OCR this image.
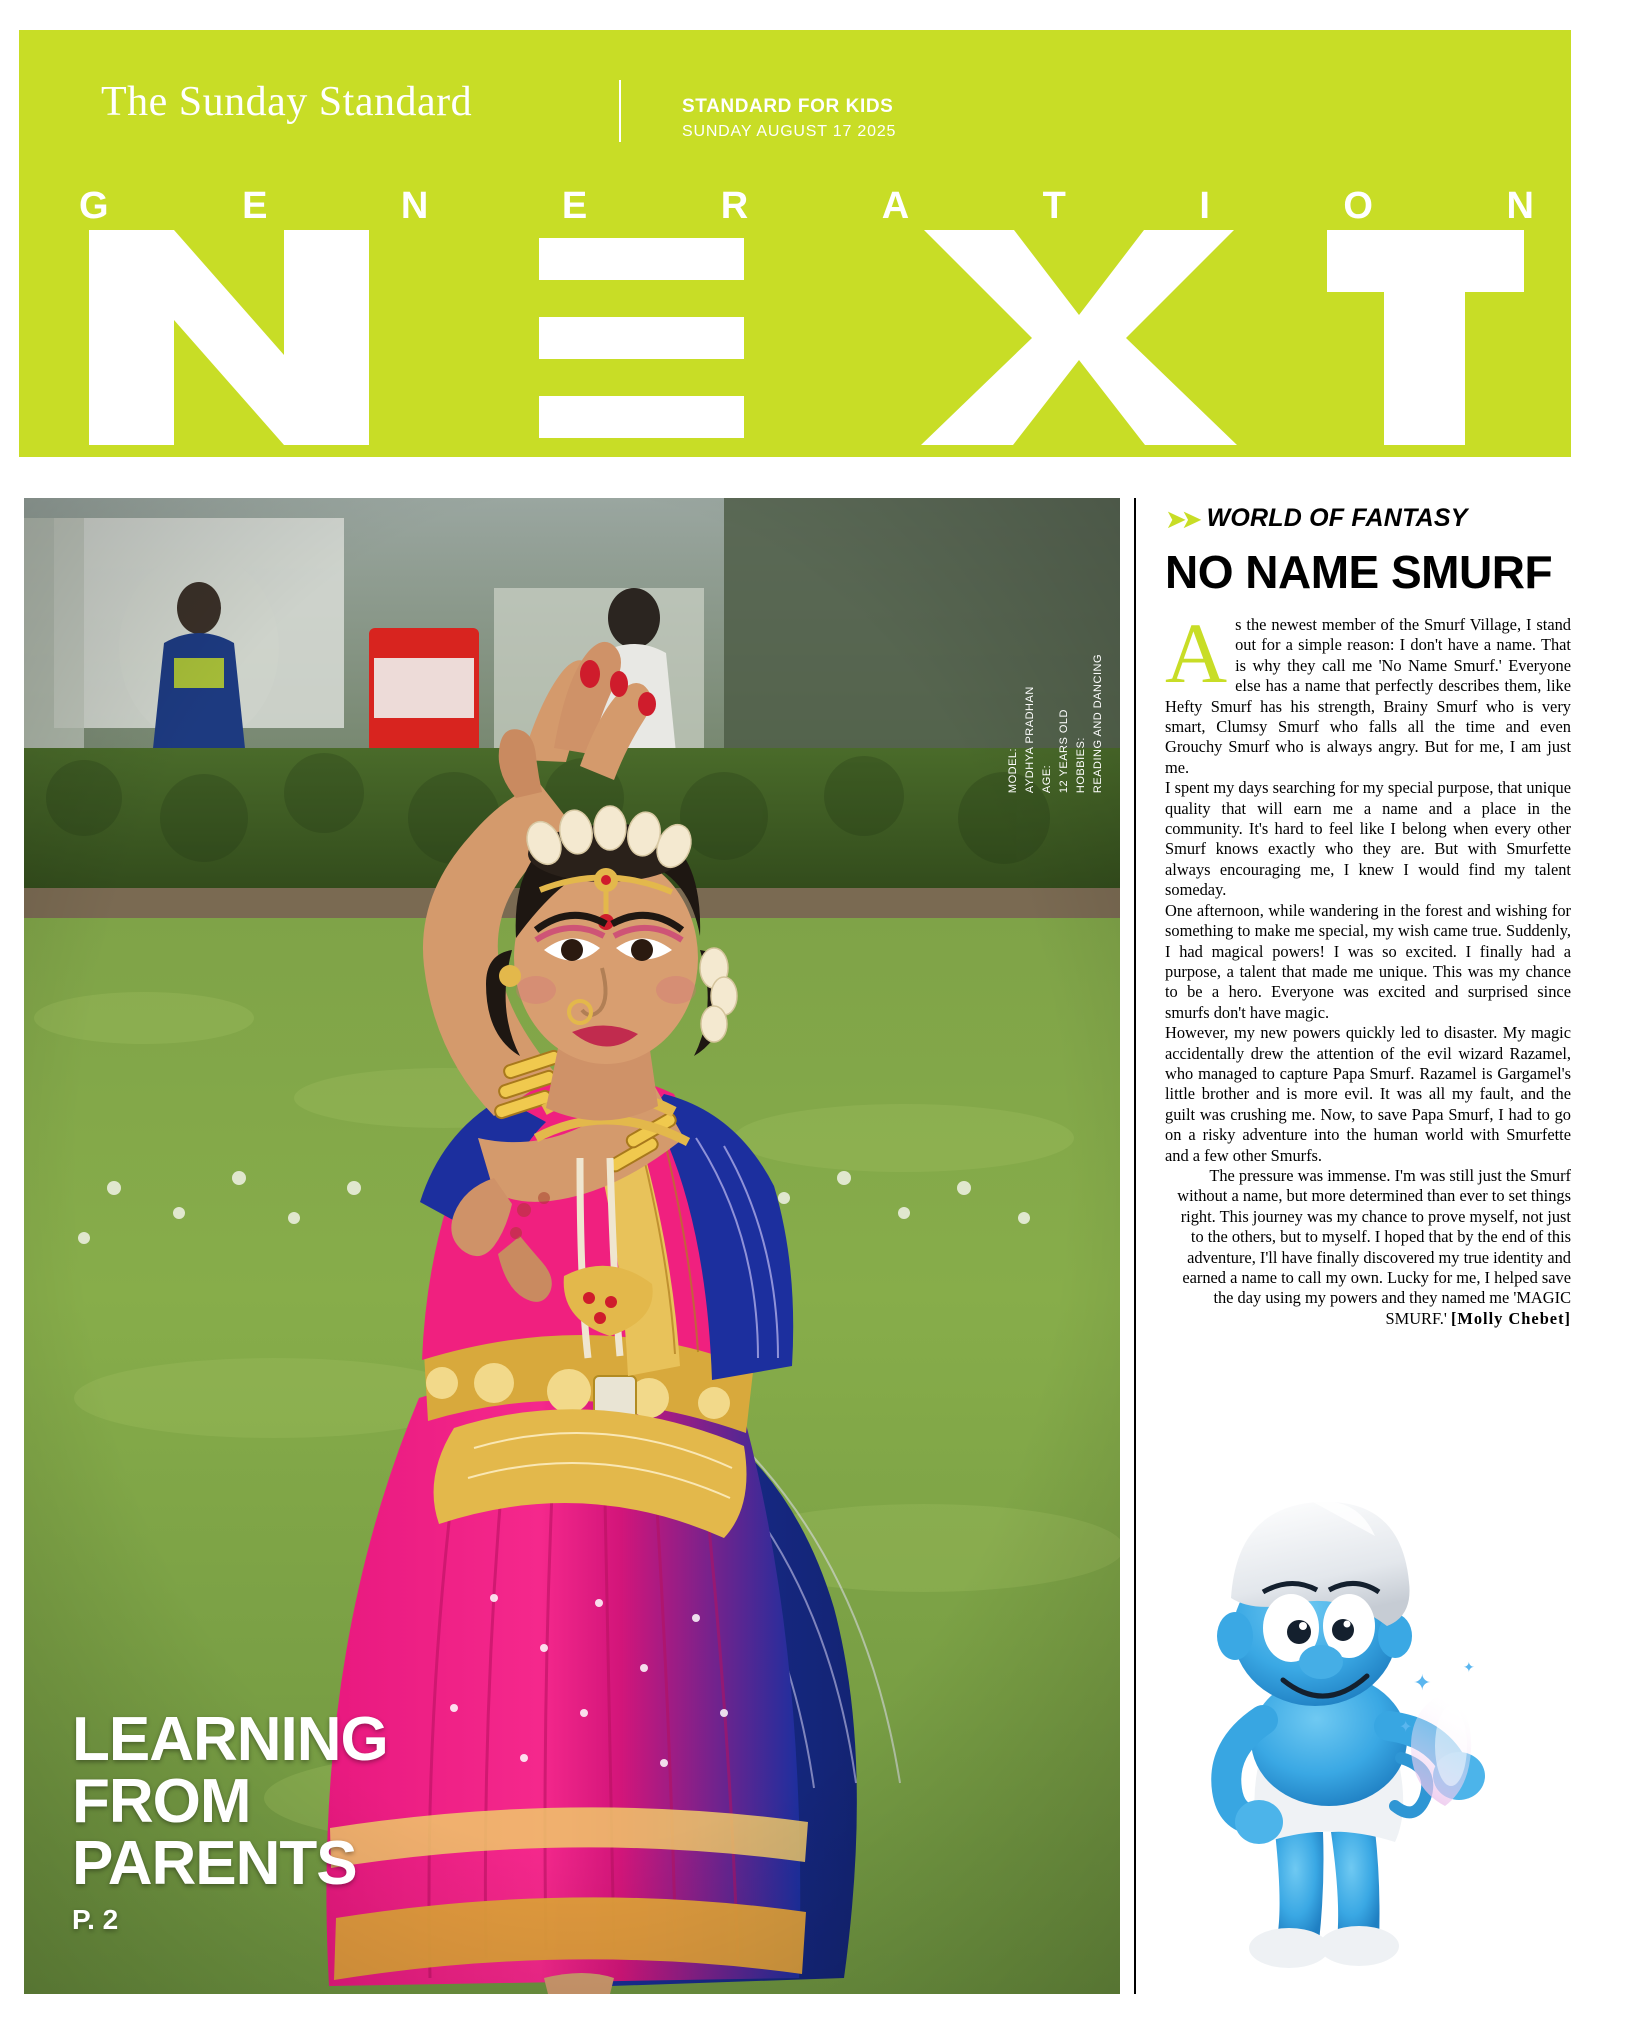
The Sunday Standard	STANDARD FOR KIDS
SUNDAY AUGUST 17 2025
G	E	N	E	R	A	T	I	O	N
MODEL: AYDHYA PRADHAN AGE: 12 YEARS OLD HOBBIES: READING AND DANCING
LEARNING
FROM
PARENTS
P. 2
➤➤ WORLD OF FANTASY
NO NAME SMURF

As the newest member of the Smurf Village, I stand out for a simple reason: I don't have a name. That is why they call me 'No Name Smurf.' Everyone else has a name that perfectly describes them, like Hefty Smurf has his strength, Brainy Smurf who is very smart, Clumsy Smurf who falls all the time and even Grouchy Smurf who is always angry. But for me, I am just me.

I spent my days searching for my special purpose, that unique quality that will earn me a name and a place in the community. It's hard to feel like I belong when every other Smurf knows exactly who they are. But with Smurfette always encouraging me, I knew I would find my talent someday.

One afternoon, while wandering in the forest and wishing for something to make me special, my wish came true. Suddenly, I had magical powers! I was so excited. I finally had a purpose, a talent that made me unique. This was my chance to be a hero. Everyone was excited and surprised since smurfs don't have magic.

However, my new powers quickly led to disaster. My magic accidentally drew the attention of the evil wizard Razamel, who managed to capture Papa Smurf. Razamel is Gargamel's little brother and is more evil. It was all my fault, and the guilt was crushing me. Now, to save Papa Smurf, I had to go on a risky adventure into the human world with Smurfette and a few other Smurfs.

The pressure was immense. I'm was still just the Smurf without a name, but more determined than ever to set things right. This journey was my chance to prove myself, not just to the others, but to myself. I hoped that by the end of this adventure, I'll have finally discovered my true identity and earned a name to call my own. Lucky for me, I helped save the day using my powers and they named me 'MAGIC SMURF.' [Molly Chebet]

✦
✦
✦
